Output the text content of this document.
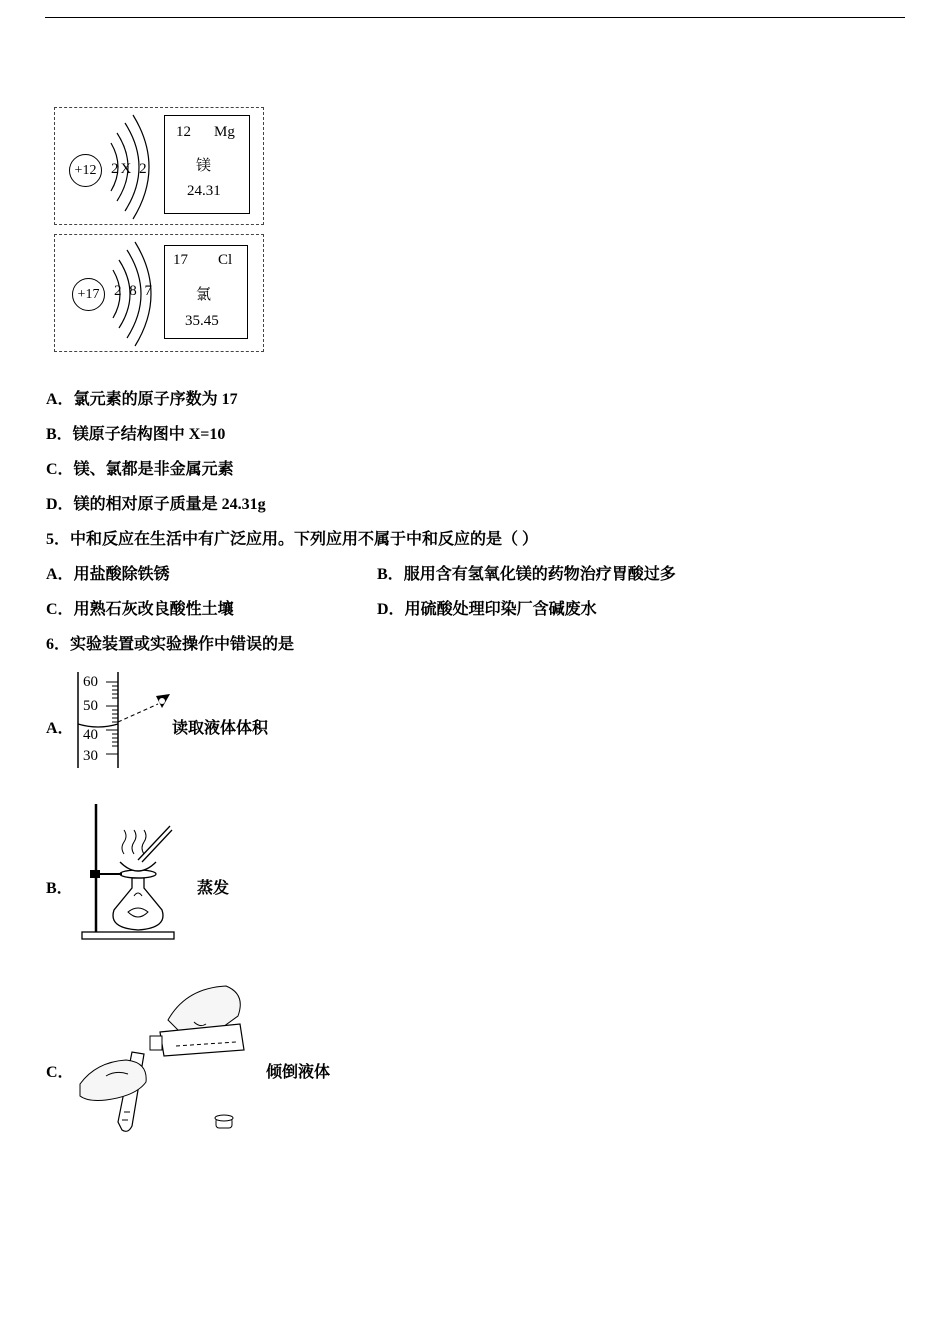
+12 2X 2
12 Mg
镁
24.31
+17 2 8 7
17 Cl
氯
35.45
A．氯元素的原子序数为 17
B．镁原子结构图中 X=10
C．镁、氯都是非金属元素
D．镁的相对原子质量是 24.31g
5．中和反应在生活中有广泛应用。下列应用不属于中和反应的是（ ）
A．用盐酸除铁锈	B．服用含有氢氧化镁的药物治疗胃酸过多
C．用熟石灰改良酸性土壤	D．用硫酸处理印染厂含碱废水
6．实验装置或实验操作中错误的是
A．
60
50
40
30
读取液体体积
B．	蒸发
C．	倾倒液体
